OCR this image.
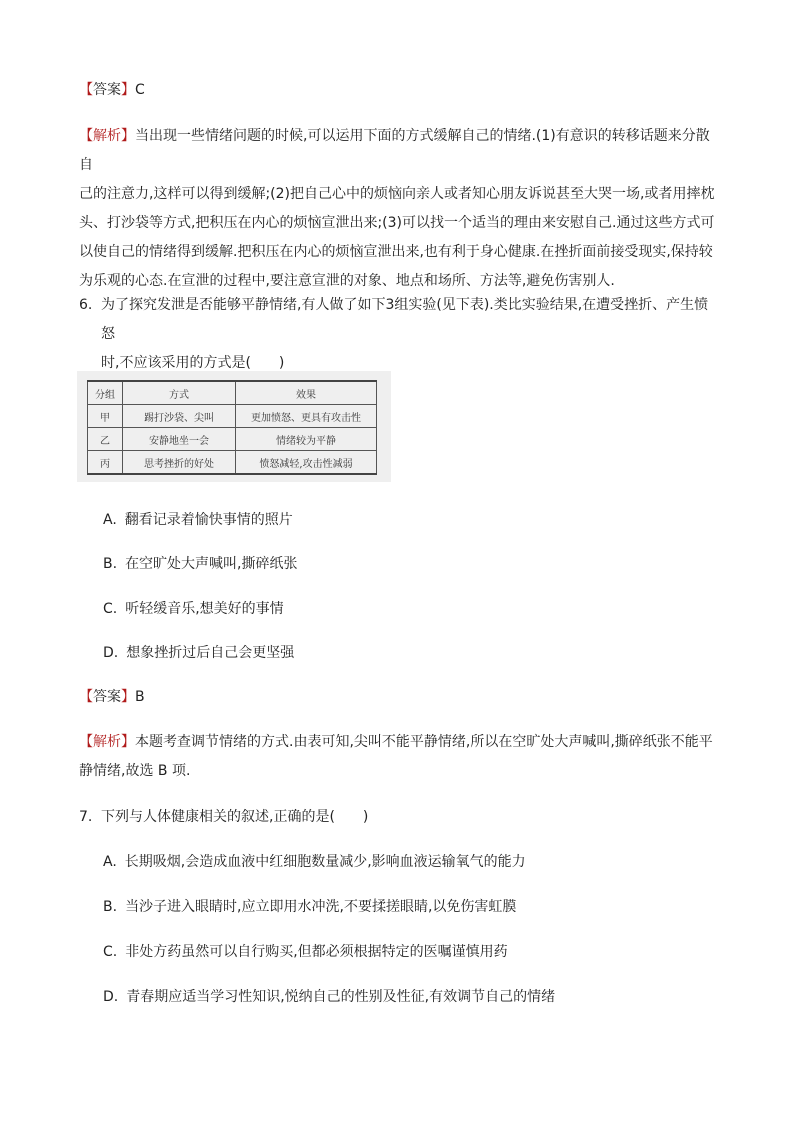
【答案】C
【解析】当出现一些情绪问题的时候,可以运用下面的方式缓解自己的情绪.(1)有意识的转移话题来分散自
己的注意力,这样可以得到缓解;(2)把自己心中的烦恼向亲人或者知心朋友诉说甚至大哭一场,或者用摔枕
头、打沙袋等方式,把积压在内心的烦恼宣泄出来;(3)可以找一个适当的理由来安慰自己.通过这些方式可
以使自己的情绪得到缓解.把积压在内心的烦恼宣泄出来,也有利于身心健康.在挫折面前接受现实,保持较
为乐观的心态.在宣泄的过程中,要注意宣泄的对象、地点和场所、方法等,避免伤害别人.
6. 为了探究发泄是否能够平静情绪,有人做了如下3组实验(见下表).类比实验结果,在遭受挫折、产生愤怒
时,不应该采用的方式是(　　)
分组	方式	效果
甲	踢打沙袋、尖叫	更加愤怒、更具有攻击性
乙	安静地坐一会	情绪较为平静
丙	思考挫折的好处	愤怒减轻,攻击性减弱
A. 翻看记录着愉快事情的照片
B. 在空旷处大声喊叫,撕碎纸张
C. 听轻缓音乐,想美好的事情
D. 想象挫折过后自己会更坚强
【答案】B
【解析】本题考查调节情绪的方式.由表可知,尖叫不能平静情绪,所以在空旷处大声喊叫,撕碎纸张不能平
静情绪,故选 B 项.
7. 下列与人体健康相关的叙述,正确的是(　　)
A. 长期吸烟,会造成血液中红细胞数量减少,影响血液运输氧气的能力
B. 当沙子进入眼睛时,应立即用水冲洗,不要揉搓眼睛,以免伤害虹膜
C. 非处方药虽然可以自行购买,但都必须根据特定的医嘱谨慎用药
D. 青春期应适当学习性知识,悦纳自己的性别及性征,有效调节自己的情绪
